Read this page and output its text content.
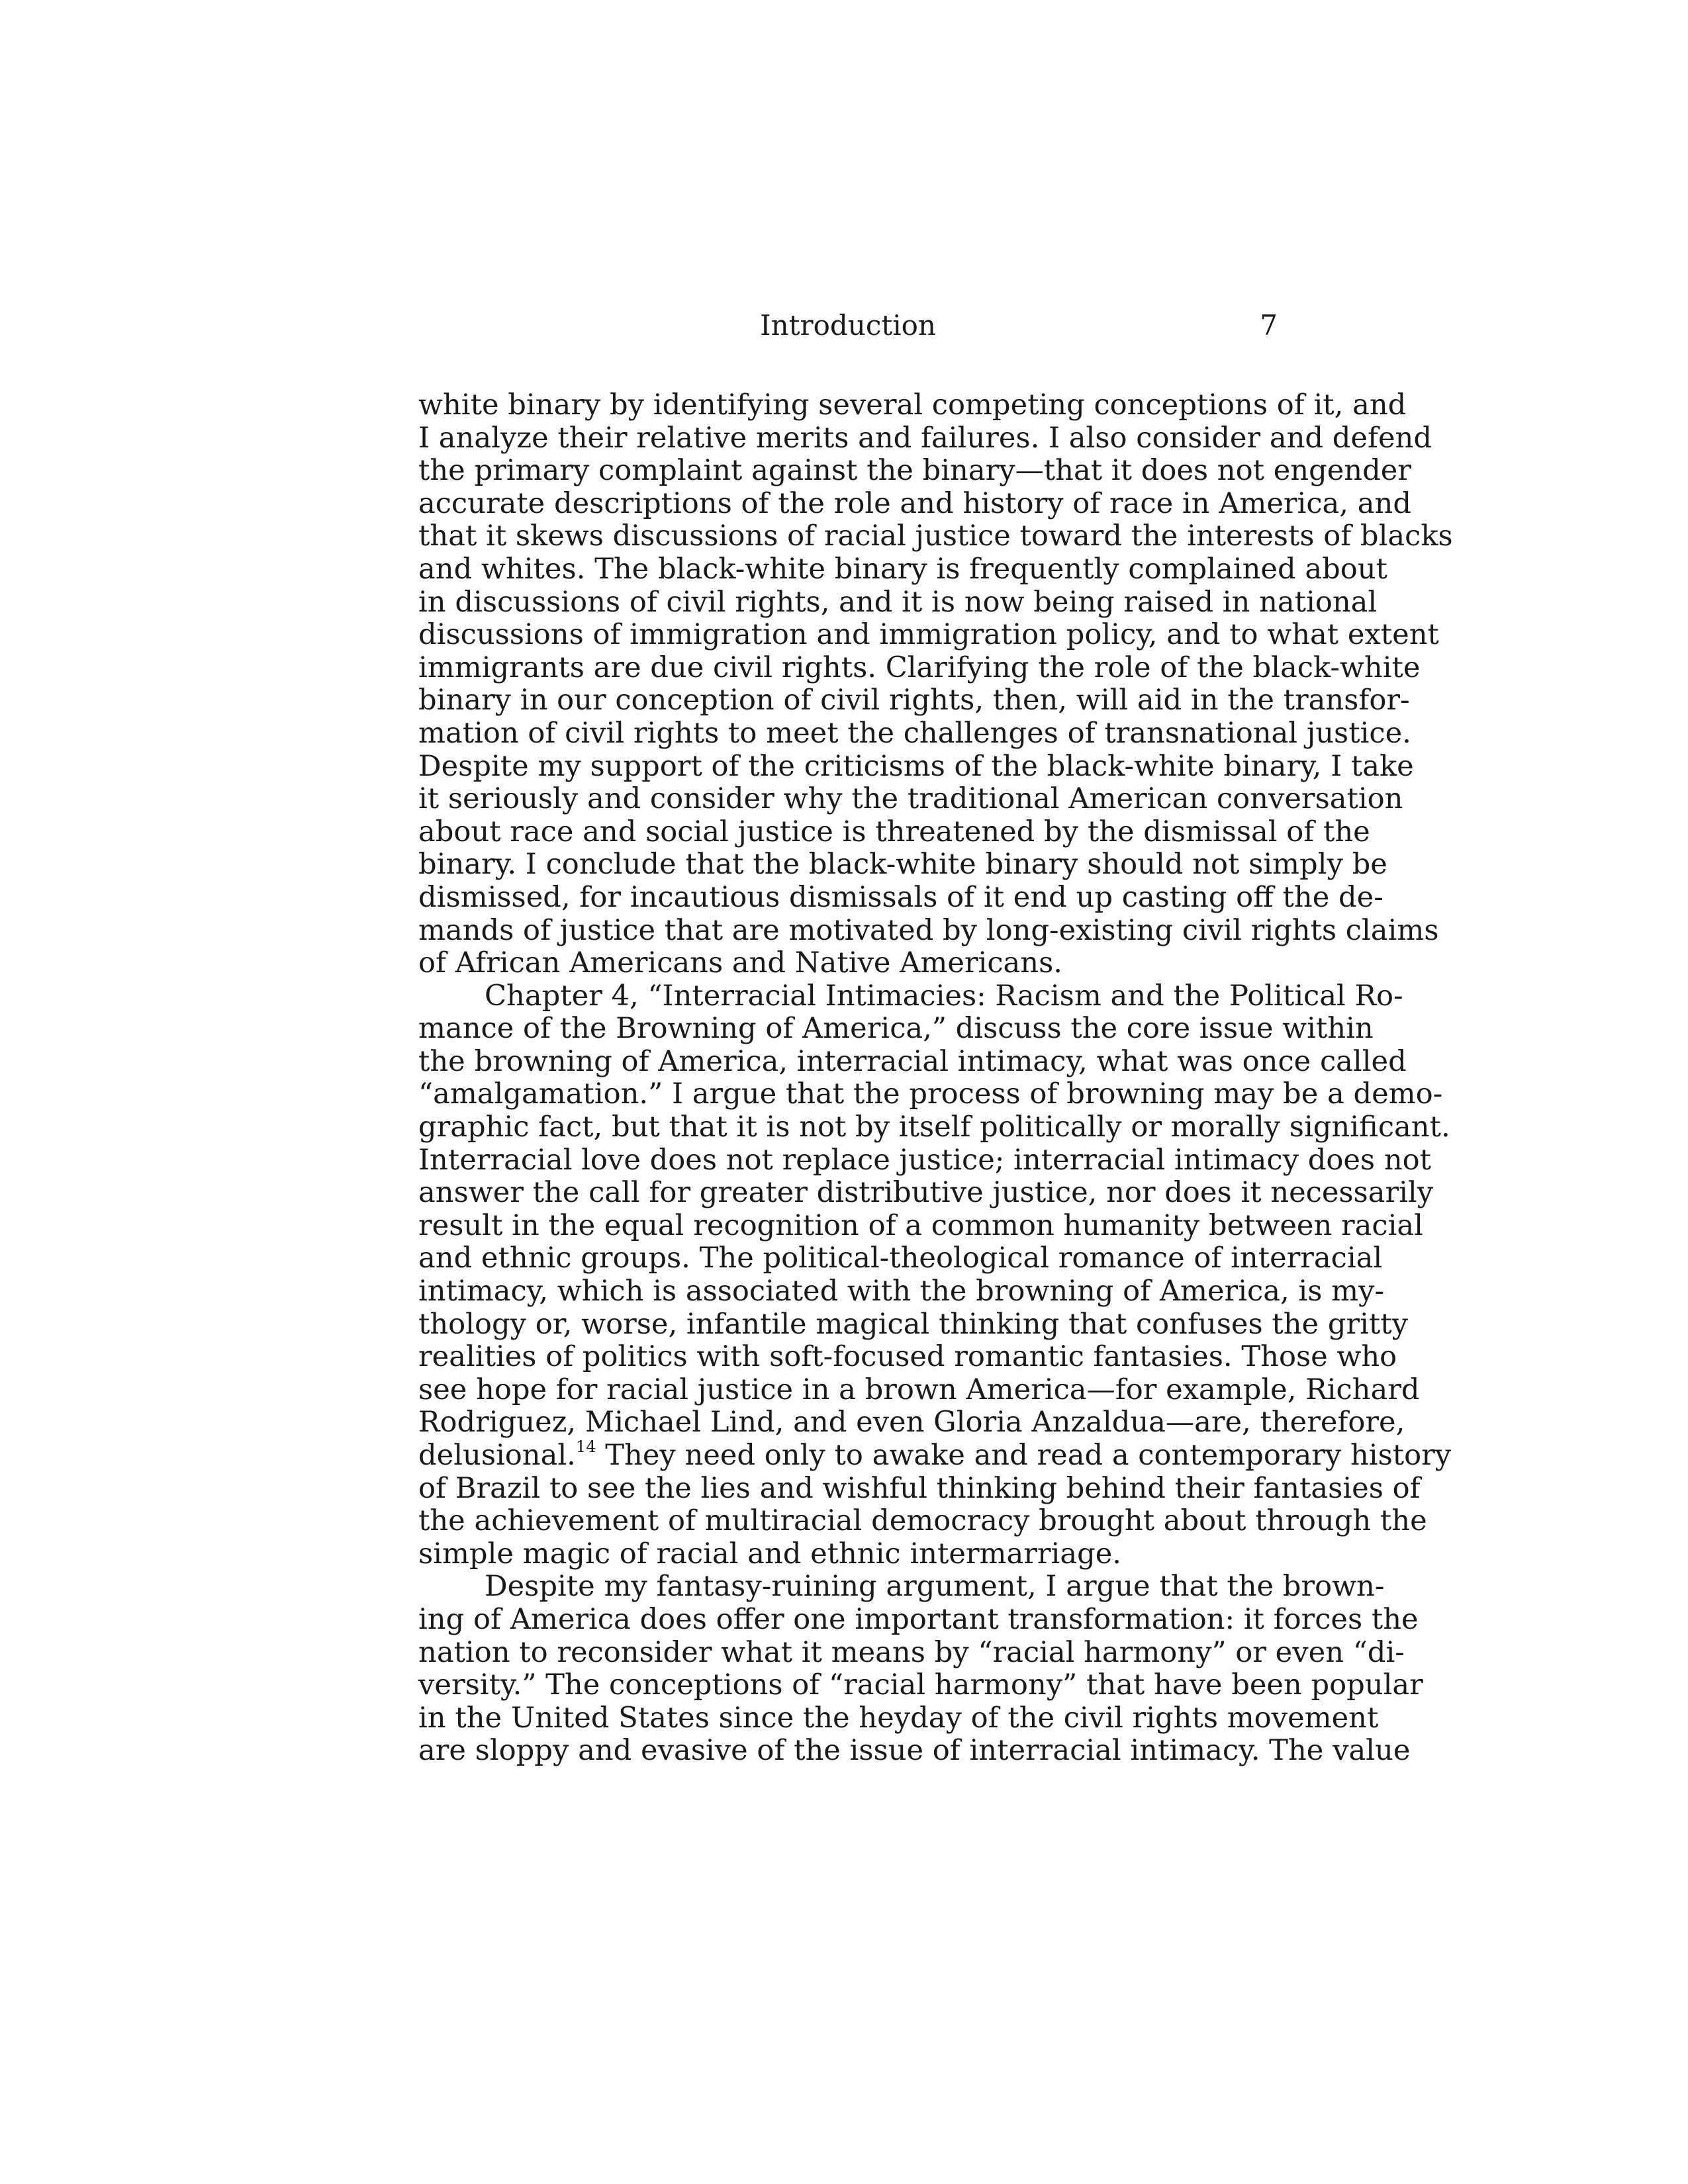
Introduction	7
white binary by identifying several competing conceptions of it, and
I analyze their relative merits and failures. I also consider and defend
the primary complaint against the binary—that it does not engender
accurate descriptions of the role and history of race in America, and
that it skews discussions of racial justice toward the interests of blacks
and whites. The black-white binary is frequently complained about
in discussions of civil rights, and it is now being raised in national
discussions of immigration and immigration policy, and to what extent
immigrants are due civil rights. Clarifying the role of the black-white
binary in our conception of civil rights, then, will aid in the transfor-
mation of civil rights to meet the challenges of transnational justice.
Despite my support of the criticisms of the black-white binary, I take
it seriously and consider why the traditional American conversation
about race and social justice is threatened by the dismissal of the
binary. I conclude that the black-white binary should not simply be
dismissed, for incautious dismissals of it end up casting off the de-
mands of justice that are motivated by long-existing civil rights claims
of African Americans and Native Americans.
Chapter 4, “Interracial Intimacies: Racism and the Political Ro-
mance of the Browning of America,” discuss the core issue within
the browning of America, interracial intimacy, what was once called
“amalgamation.” I argue that the process of browning may be a demo-
graphic fact, but that it is not by itself politically or morally significant.
Interracial love does not replace justice; interracial intimacy does not
answer the call for greater distributive justice, nor does it necessarily
result in the equal recognition of a common humanity between racial
and ethnic groups. The political-theological romance of interracial
intimacy, which is associated with the browning of America, is my-
thology or, worse, infantile magical thinking that confuses the gritty
realities of politics with soft-focused romantic fantasies. Those who
see hope for racial justice in a brown America—for example, Richard
Rodriguez, Michael Lind, and even Gloria Anzaldua—are, therefore,
delusional.$^{14}$ They need only to awake and read a contemporary history
of Brazil to see the lies and wishful thinking behind their fantasies of
the achievement of multiracial democracy brought about through the
simple magic of racial and ethnic intermarriage.
Despite my fantasy-ruining argument, I argue that the brown-
ing of America does offer one important transformation: it forces the
nation to reconsider what it means by “racial harmony” or even “di-
versity.” The conceptions of “racial harmony” that have been popular
in the United States since the heyday of the civil rights movement
are sloppy and evasive of the issue of interracial intimacy. The value
